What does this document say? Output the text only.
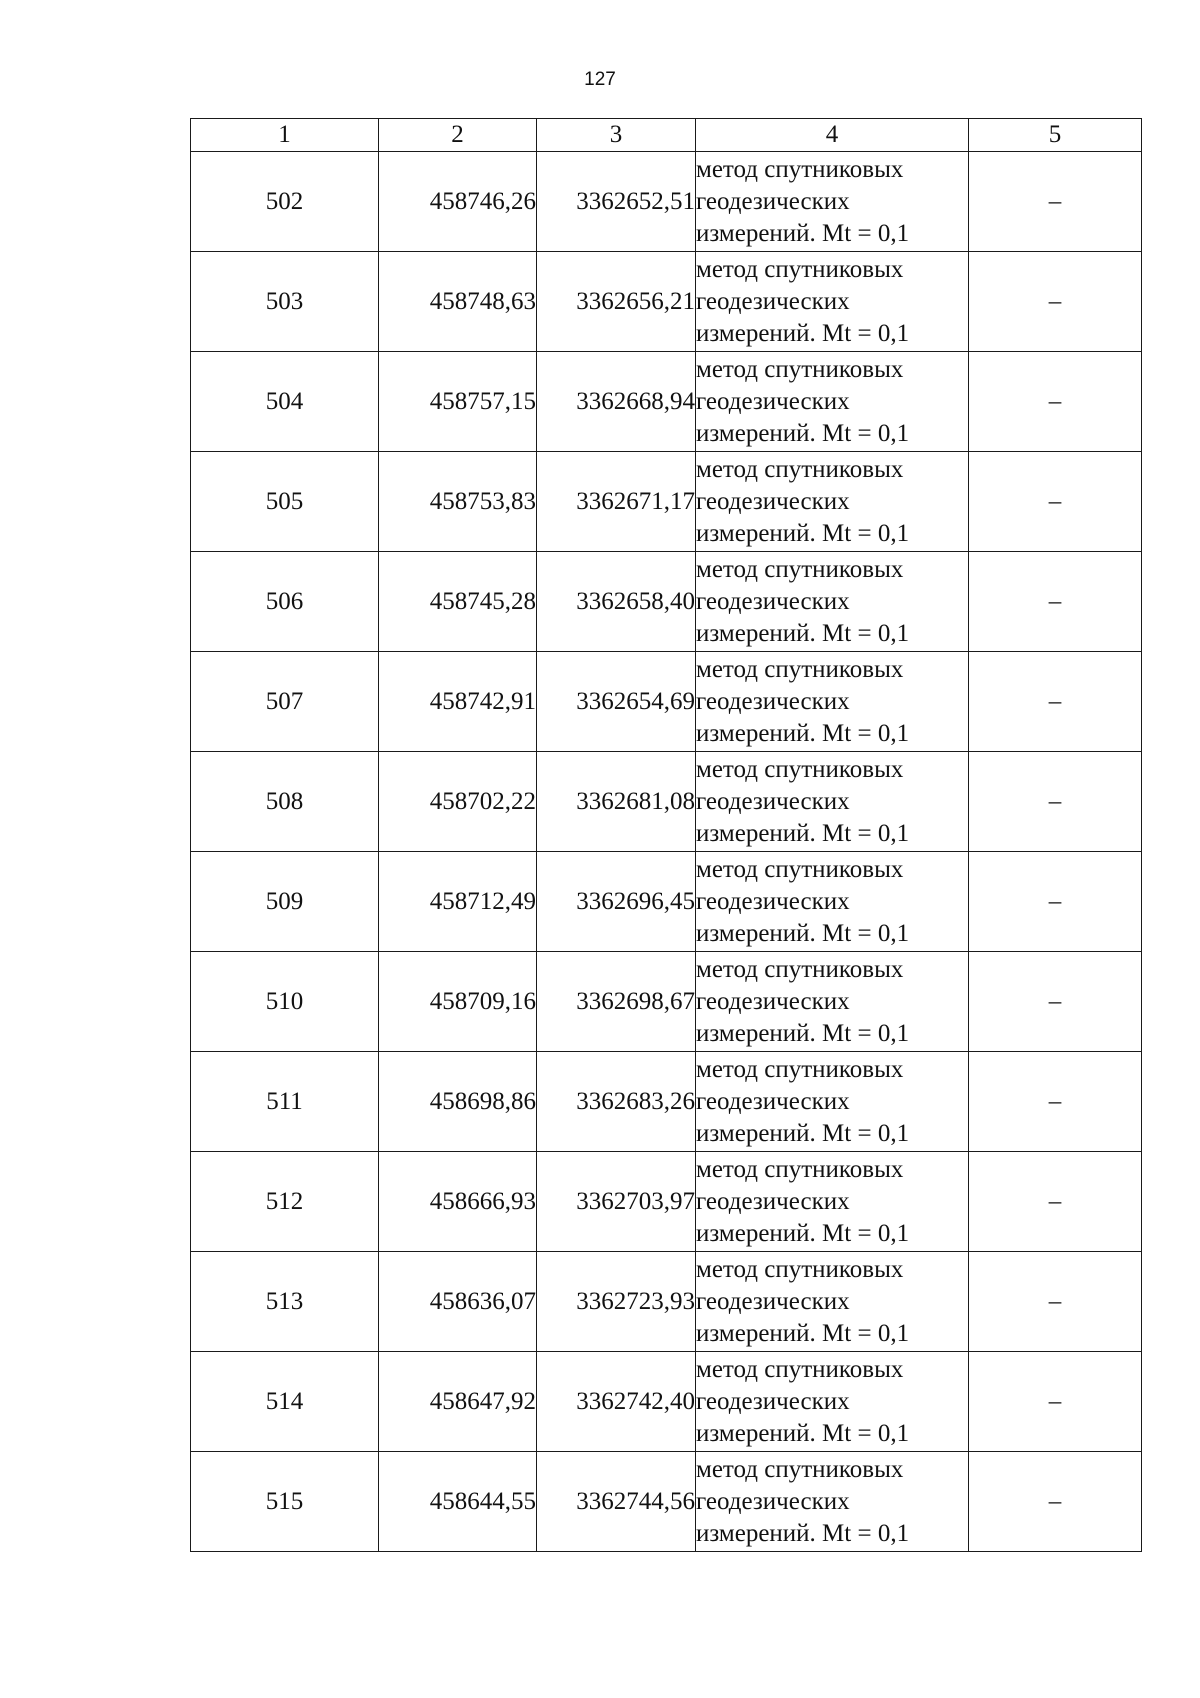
127
1	2	3	4	5
502	458746,26	3362652,51	метод спутниковых
геодезических
измерений. Mt = 0,1	–
503	458748,63	3362656,21	метод спутниковых
геодезических
измерений. Mt = 0,1	–
504	458757,15	3362668,94	метод спутниковых
геодезических
измерений. Mt = 0,1	–
505	458753,83	3362671,17	метод спутниковых
геодезических
измерений. Mt = 0,1	–
506	458745,28	3362658,40	метод спутниковых
геодезических
измерений. Mt = 0,1	–
507	458742,91	3362654,69	метод спутниковых
геодезических
измерений. Mt = 0,1	–
508	458702,22	3362681,08	метод спутниковых
геодезических
измерений. Mt = 0,1	–
509	458712,49	3362696,45	метод спутниковых
геодезических
измерений. Mt = 0,1	–
510	458709,16	3362698,67	метод спутниковых
геодезических
измерений. Mt = 0,1	–
511	458698,86	3362683,26	метод спутниковых
геодезических
измерений. Mt = 0,1	–
512	458666,93	3362703,97	метод спутниковых
геодезических
измерений. Mt = 0,1	–
513	458636,07	3362723,93	метод спутниковых
геодезических
измерений. Mt = 0,1	–
514	458647,92	3362742,40	метод спутниковых
геодезических
измерений. Mt = 0,1	–
515	458644,55	3362744,56	метод спутниковых
геодезических
измерений. Mt = 0,1	–
